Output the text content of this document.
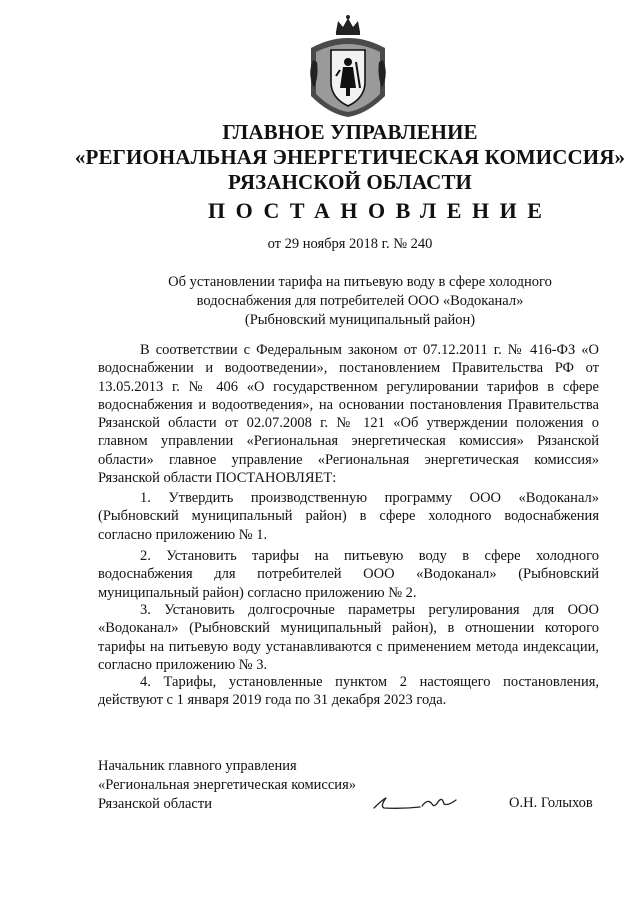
ГЛАВНОЕ УПРАВЛЕНИЕ
«РЕГИОНАЛЬНАЯ ЭНЕРГЕТИЧЕСКАЯ КОМИССИЯ»
РЯЗАНСКОЙ ОБЛАСТИ
ПОСТАНОВЛЕНИЕ
от 29 ноября 2018 г. № 240
Об установлении тарифа на питьевую воду в сфере холодного
водоснабжения для потребителей ООО «Водоканал»
(Рыбновский муниципальный район)
В соответствии с Федеральным законом от 07.12.2011 г. № 416-ФЗ «О водоснабжении и водоотведении», постановлением Правительства РФ от 13.05.2013 г. № 406 «О государственном регулировании тарифов в сфере водоснабжения и водоотведения», на основании постановления Правительства Рязанской области от 02.07.2008 г. № 121 «Об утверждении положения о главном управлении «Региональная энергетическая комиссия» Рязанской области» главное управление «Региональная энергетическая комиссия» Рязанской области ПОСТАНОВЛЯЕТ:
1. Утвердить производственную программу ООО «Водоканал» (Рыбновский муниципальный район) в сфере холодного водоснабжения согласно приложению № 1.
2. Установить тарифы на питьевую воду в сфере холодного водоснабжения для потребителей ООО «Водоканал» (Рыбновский муниципальный район) согласно приложению № 2.
3. Установить долгосрочные параметры регулирования для ООО «Водоканал» (Рыбновский муниципальный район), в отношении которого тарифы на питьевую воду устанавливаются с применением метода индексации, согласно приложению № 3.
4. Тарифы, установленные пунктом 2 настоящего постановления, действуют с 1 января 2019 года по 31 декабря 2023 года.
Начальник главного управления
«Региональная энергетическая комиссия»
Рязанской области	О.Н. Голыхов
